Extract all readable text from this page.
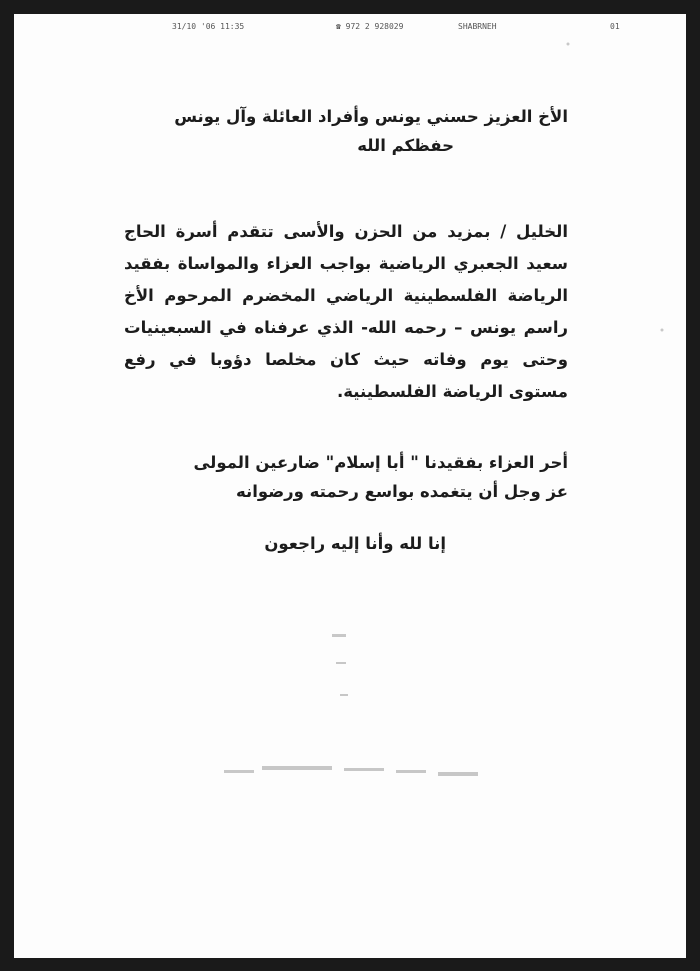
31/10 '06 11:35	☎ 972 2 928029	SHABRNEH	01
الأخ العزيز حسني يونس وأفراد العائلة وآل يونس
حفظكم الله
الخليل / بمزيد من الحزن والأسى تتقدم أسرة الحاج سعيد الجعبري الرياضية بواجب العزاء والمواساة بفقيد الرياضة الفلسطينية الرياضي المخضرم المرحوم الأخ راسم يونس – رحمه الله- الذي عرفناه في السبعينيات وحتى يوم وفاته حيث كان مخلصا دؤوبا في رفع مستوى الرياضة الفلسطينية.
أحر العزاء بفقيدنا " أبا إسلام" ضارعين المولى
عز وجل أن يتغمده بواسع رحمته ورضوانه
إنا لله وأنا إليه راجعون
